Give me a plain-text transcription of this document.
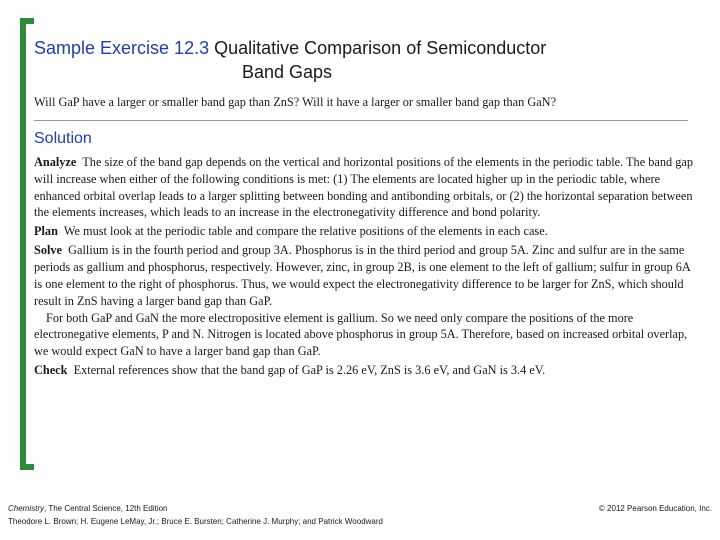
Sample Exercise 12.3 Qualitative Comparison of Semiconductor
Band Gaps
Will GaP have a larger or smaller band gap than ZnS? Will it have a larger or smaller band gap than GaN?
Solution

Analyze The size of the band gap depends on the vertical and horizontal positions of the elements in the periodic table. The band gap will increase when either of the following conditions is met: (1) The elements are located higher up in the periodic table, where enhanced orbital overlap leads to a larger splitting between bonding and antibonding orbitals, or (2) the horizontal separation between the elements increases, which leads to an increase in the electronegativity difference and bond polarity.

Plan We must look at the periodic table and compare the relative positions of the elements in each case.

Solve Gallium is in the fourth period and group 3A. Phosphorus is in the third period and group 5A. Zinc and sulfur are in the same periods as gallium and phosphorus, respectively. However, zinc, in group 2B, is one element to the left of gallium; sulfur in group 6A is one element to the right of phosphorus. Thus, we would expect the electronegativity difference to be larger for ZnS, which should result in ZnS having a larger band gap than GaP.

For both GaP and GaN the more electropositive element is gallium. So we need only compare the positions of the more electronegative elements, P and N. Nitrogen is located above phosphorus in group 5A. Therefore, based on increased orbital overlap, we would expect GaN to have a larger band gap than GaP.

Check External references show that the band gap of GaP is 2.26 eV, ZnS is 3.6 eV, and GaN is 3.4 eV.

Chemistry, The Central Science, 12th Edition
Theodore L. Brown; H. Eugene LeMay, Jr.; Bruce E. Bursten; Catherine J. Murphy; and Patrick Woodward
© 2012 Pearson Education, Inc.
